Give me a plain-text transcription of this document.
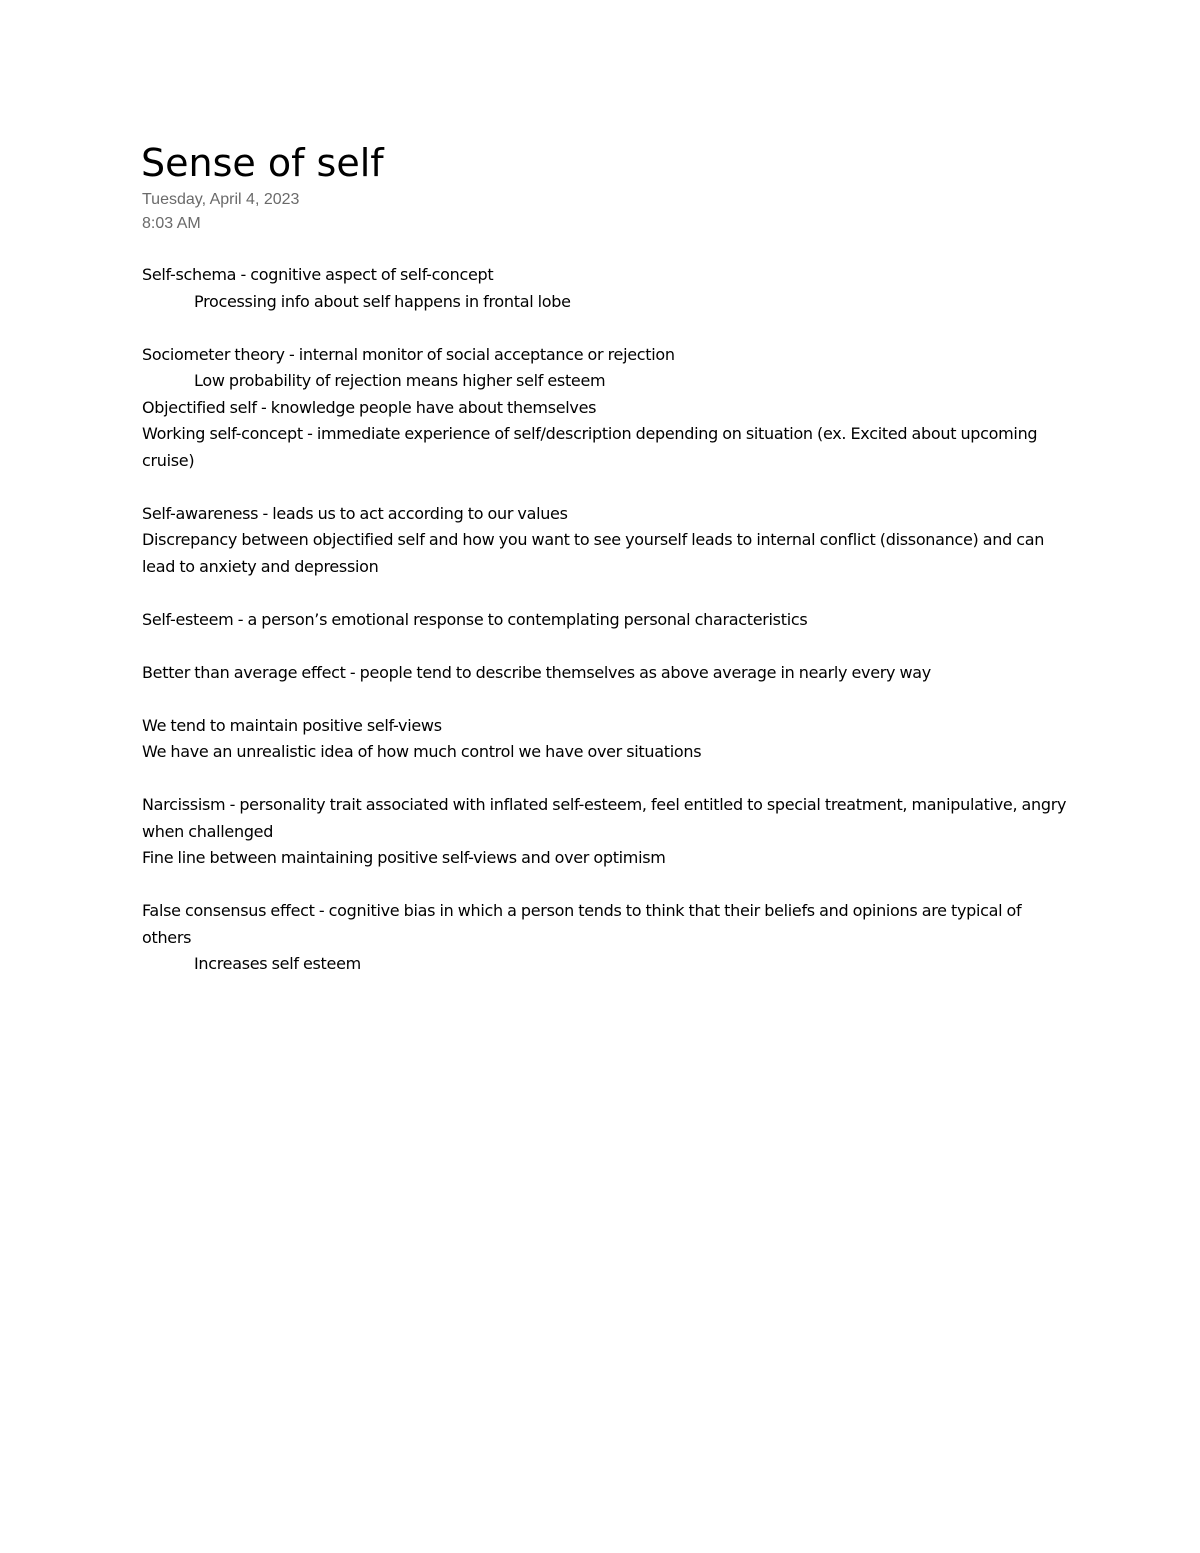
Sense of self
Tuesday, April 4, 2023
8:03 AM

Self-schema - cognitive aspect of self-concept

Processing info about self happens in frontal lobe

Sociometer theory - internal monitor of social acceptance or rejection

Low probability of rejection means higher self esteem

Objectified self - knowledge people have about themselves

Working self-concept - immediate experience of self/description depending on situation (ex. Excited about upcoming cruise)

Self-awareness - leads us to act according to our values

Discrepancy between objectified self and how you want to see yourself leads to internal conflict (dissonance) and can lead to anxiety and depression

Self-esteem - a person’s emotional response to contemplating personal characteristics

Better than average effect - people tend to describe themselves as above average in nearly every way

We tend to maintain positive self-views

We have an unrealistic idea of how much control we have over situations

Narcissism - personality trait associated with inflated self-esteem, feel entitled to special treatment, manipulative, angry when challenged

Fine line between maintaining positive self-views and over optimism

False consensus effect - cognitive bias in which a person tends to think that their beliefs and opinions are typical of others

Increases self esteem
